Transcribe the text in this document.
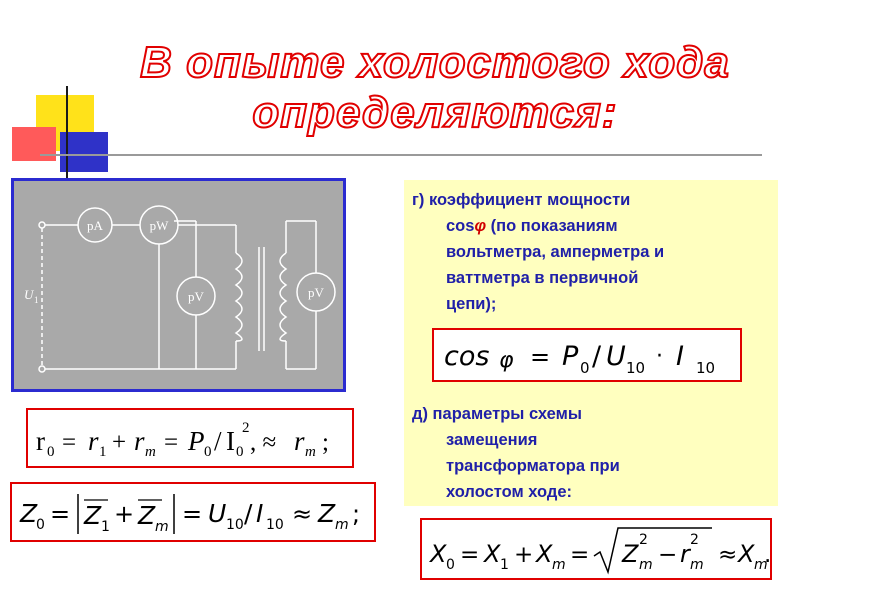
В опыте холостого хода
определяются:
pA	pW
pV	pV
U 1
г) коэффициент мощности
cosφ (по показаниям
вольтметра, амперметра и
ваттметра в первичной
цепи);
д) параметры схемы
замещения
трансформатора при
холостом ходе:
cos φ = P 0 / U 10 · I 10
r 0 = r 1 + r m = P 0 / I 0
2
, ≈ r m ;
Z
0 = Z 1 + Z m = U 10 / I 10 ≈ Z m ;
X 0 = X 1 + X m = Z 2
m − r 2
m ≈ X m
.
